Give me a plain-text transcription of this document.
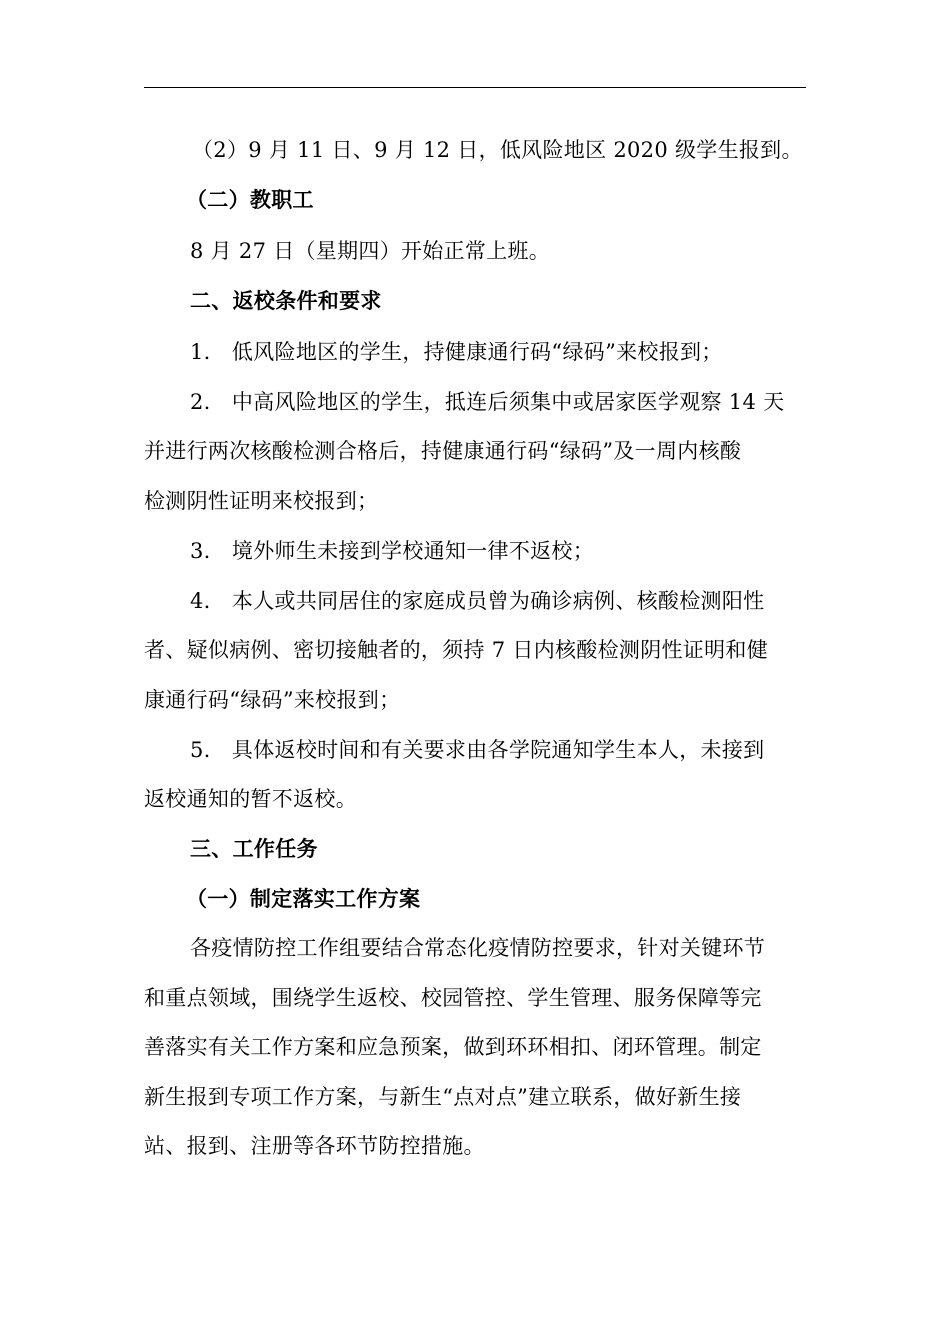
（2）9 月 11 日、9 月 12 日，低风险地区 2020 级学生报到。
（二）教职工
8 月 27 日（星期四）开始正常上班。
二、返校条件和要求
1.　低风险地区的学生，持健康通行码“绿码”来校报到；
2.　中高风险地区的学生，抵连后须集中或居家医学观察 14 天
并进行两次核酸检测合格后，持健康通行码“绿码”及一周内核酸
检测阴性证明来校报到；
3.　境外师生未接到学校通知一律不返校；
4.　本人或共同居住的家庭成员曾为确诊病例、核酸检测阳性
者、疑似病例、密切接触者的，须持 7 日内核酸检测阴性证明和健
康通行码“绿码”来校报到；
5.　具体返校时间和有关要求由各学院通知学生本人，未接到
返校通知的暂不返校。
三、工作任务
（一）制定落实工作方案
各疫情防控工作组要结合常态化疫情防控要求，针对关键环节
和重点领域，围绕学生返校、校园管控、学生管理、服务保障等完
善落实有关工作方案和应急预案，做到环环相扣、闭环管理。制定
新生报到专项工作方案，与新生“点对点”建立联系，做好新生接
站、报到、注册等各环节防控措施。
